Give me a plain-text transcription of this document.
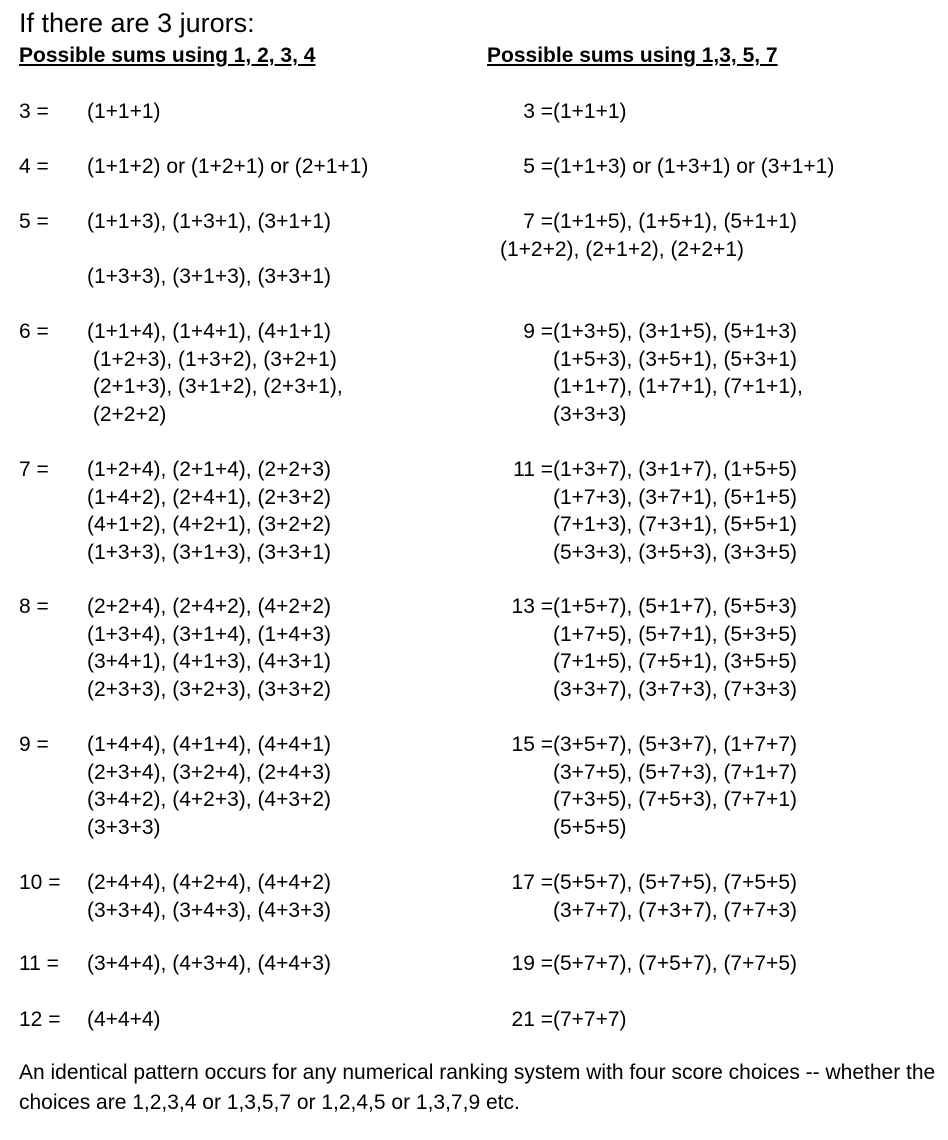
If there are 3 jurors:
Possible sums using 1, 2, 3, 4	Possible sums using 1,3, 5, 7
3 =	(1+1+1)
4 =	(1+1+2) or (1+2+1) or (2+1+1)
5 =	(1+1+3), (1+3+1), (3+1+1)
(1+3+3), (3+1+3), (3+3+1)
6 =	(1+1+4), (1+4+1), (4+1+1)
(1+2+3), (1+3+2), (3+2+1)
(2+1+3), (3+1+2), (2+3+1),
(2+2+2)
7 =	(1+2+4), (2+1+4), (2+2+3)
(1+4+2), (2+4+1), (2+3+2)
(4+1+2), (4+2+1), (3+2+2)
(1+3+3), (3+1+3), (3+3+1)
8 =	(2+2+4), (2+4+2), (4+2+2)
(1+3+4), (3+1+4), (1+4+3)
(3+4+1), (4+1+3), (4+3+1)
(2+3+3), (3+2+3), (3+3+2)
9 =	(1+4+4), (4+1+4), (4+4+1)
(2+3+4), (3+2+4), (2+4+3)
(3+4+2), (4+2+3), (4+3+2)
(3+3+3)
10 =	(2+4+4), (4+2+4), (4+4+2)
(3+3+4), (3+4+3), (4+3+3)
11 =	(3+4+4), (4+3+4), (4+4+3)
12 =	(4+4+4)
3 = (1+1+1)
5 = (1+1+3) or (1+3+1) or (3+1+1)
7 = (1+1+5), (1+5+1), (5+1+1)
(1+2+2), (2+1+2), (2+2+1)
9 = (1+3+5), (3+1+5), (5+1+3)
(1+5+3), (3+5+1), (5+3+1)
(1+1+7), (1+7+1), (7+1+1),
(3+3+3)
11 = (1+3+7), (3+1+7), (1+5+5)
(1+7+3), (3+7+1), (5+1+5)
(7+1+3), (7+3+1), (5+5+1)
(5+3+3), (3+5+3), (3+3+5)
13 = (1+5+7), (5+1+7), (5+5+3)
(1+7+5), (5+7+1), (5+3+5)
(7+1+5), (7+5+1), (3+5+5)
(3+3+7), (3+7+3), (7+3+3)
15 = (3+5+7), (5+3+7), (1+7+7)
(3+7+5), (5+7+3), (7+1+7)
(7+3+5), (7+5+3), (7+7+1)
(5+5+5)
17 = (5+5+7), (5+7+5), (7+5+5)
(3+7+7), (7+3+7), (7+7+3)
19 = (5+7+7), (7+5+7), (7+7+5)
21 = (7+7+7)
An identical pattern occurs for any numerical ranking system with four score choices -- whether the choices are 1,2,3,4 or 1,3,5,7 or 1,2,4,5 or 1,3,7,9 etc.
